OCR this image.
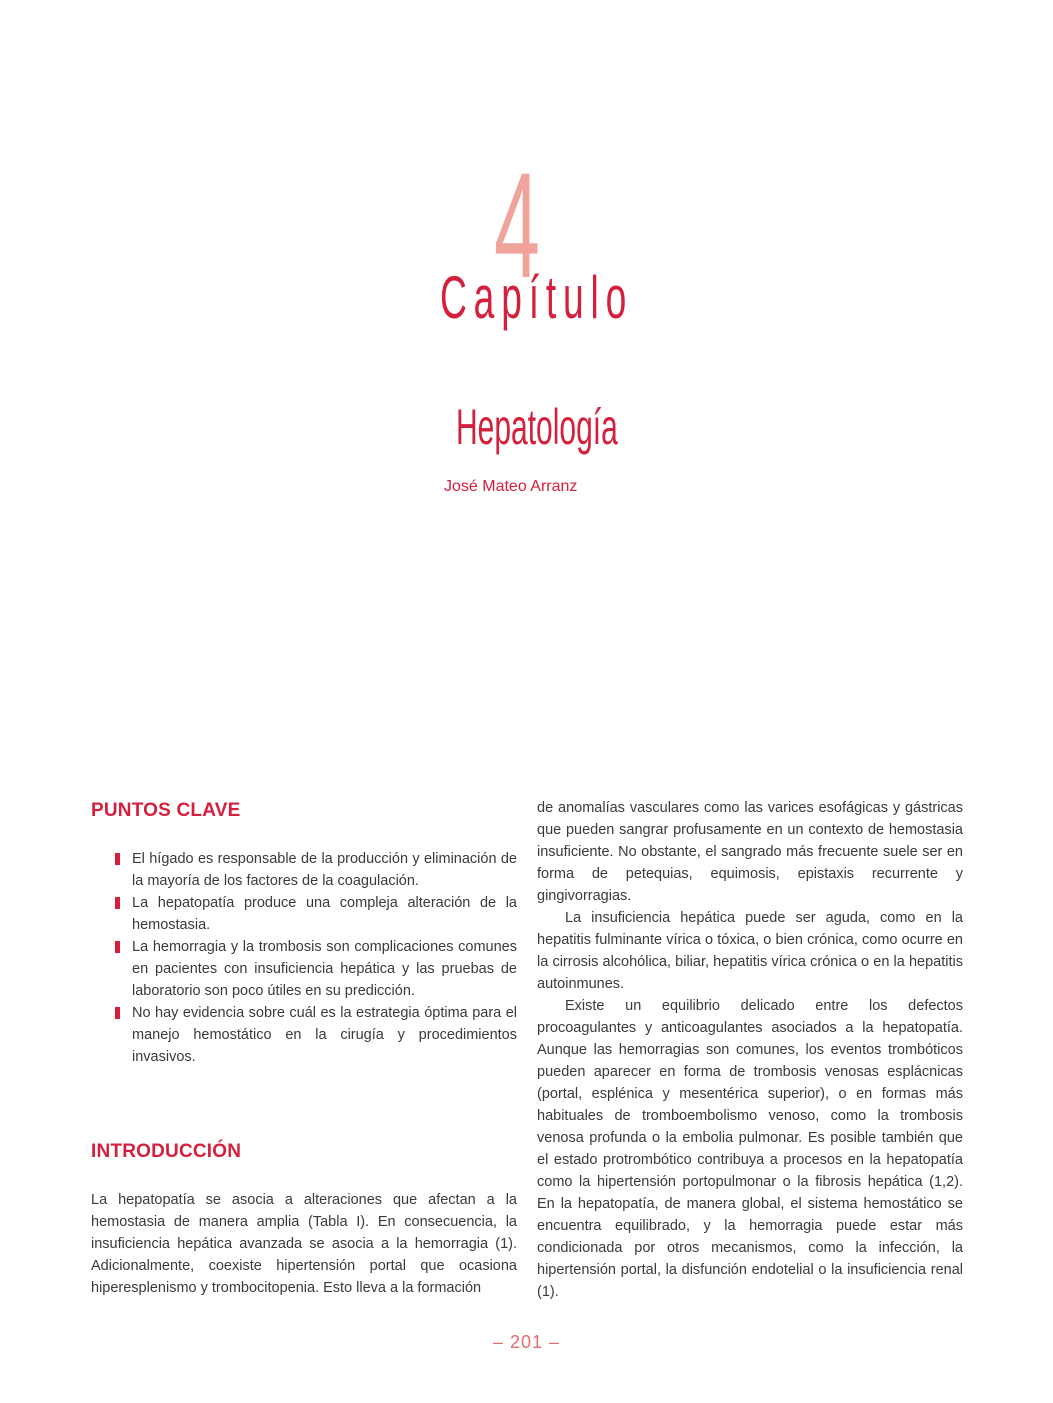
4
Capítulo
Hepatología
José Mateo Arranz
PUNTOS CLAVE
El hígado es responsable de la producción y eliminación de la mayoría de los factores de la coagulación.
La hepatopatía produce una compleja alteración de la hemostasia.
La hemorragia y la trombosis son complicaciones comunes en pacientes con insuficiencia hepática y las pruebas de laboratorio son poco útiles en su predicción.
No hay evidencia sobre cuál es la estrategia óptima para el manejo hemostático en la cirugía y procedimientos invasivos.
INTRODUCCIÓN

La hepatopatía se asocia a alteraciones que afectan a la hemostasia de manera amplia (Tabla I). En consecuencia, la insuficiencia hepática avanzada se asocia a la hemorragia (1). Adicionalmente, coexiste hipertensión portal que ocasiona hiperesplenismo y trombocitopenia. Esto lleva a la formación

de anomalías vasculares como las varices esofágicas y gástricas que pueden sangrar profusamente en un contexto de hemostasia insuficiente. No obstante, el sangrado más frecuente suele ser en forma de petequias, equimosis, epistaxis recurrente y gingivorragias.

La insuficiencia hepática puede ser aguda, como en la hepatitis fulminante vírica o tóxica, o bien crónica, como ocurre en la cirrosis alcohólica, biliar, hepatitis vírica crónica o en la hepatitis autoinmunes.

Existe un equilibrio delicado entre los defectos procoagulantes y anticoagulantes asociados a la hepatopatía. Aunque las hemorragias son comunes, los eventos trombóticos pueden aparecer en forma de trombosis venosas esplácnicas (portal, esplénica y mesentérica superior), o en formas más habituales de tromboembolismo venoso, como la trombosis venosa profunda o la embolia pulmonar. Es posible también que el estado protrombótico contribuya a procesos en la hepatopatía como la hipertensión portopulmonar o la fibrosis hepática (1,2). En la hepatopatía, de manera global, el sistema hemostático se encuentra equilibrado, y la hemorragia puede estar más condicionada por otros mecanismos, como la infección, la hipertensión portal, la disfunción endotelial o la insuficiencia renal (1).

– 201 –
